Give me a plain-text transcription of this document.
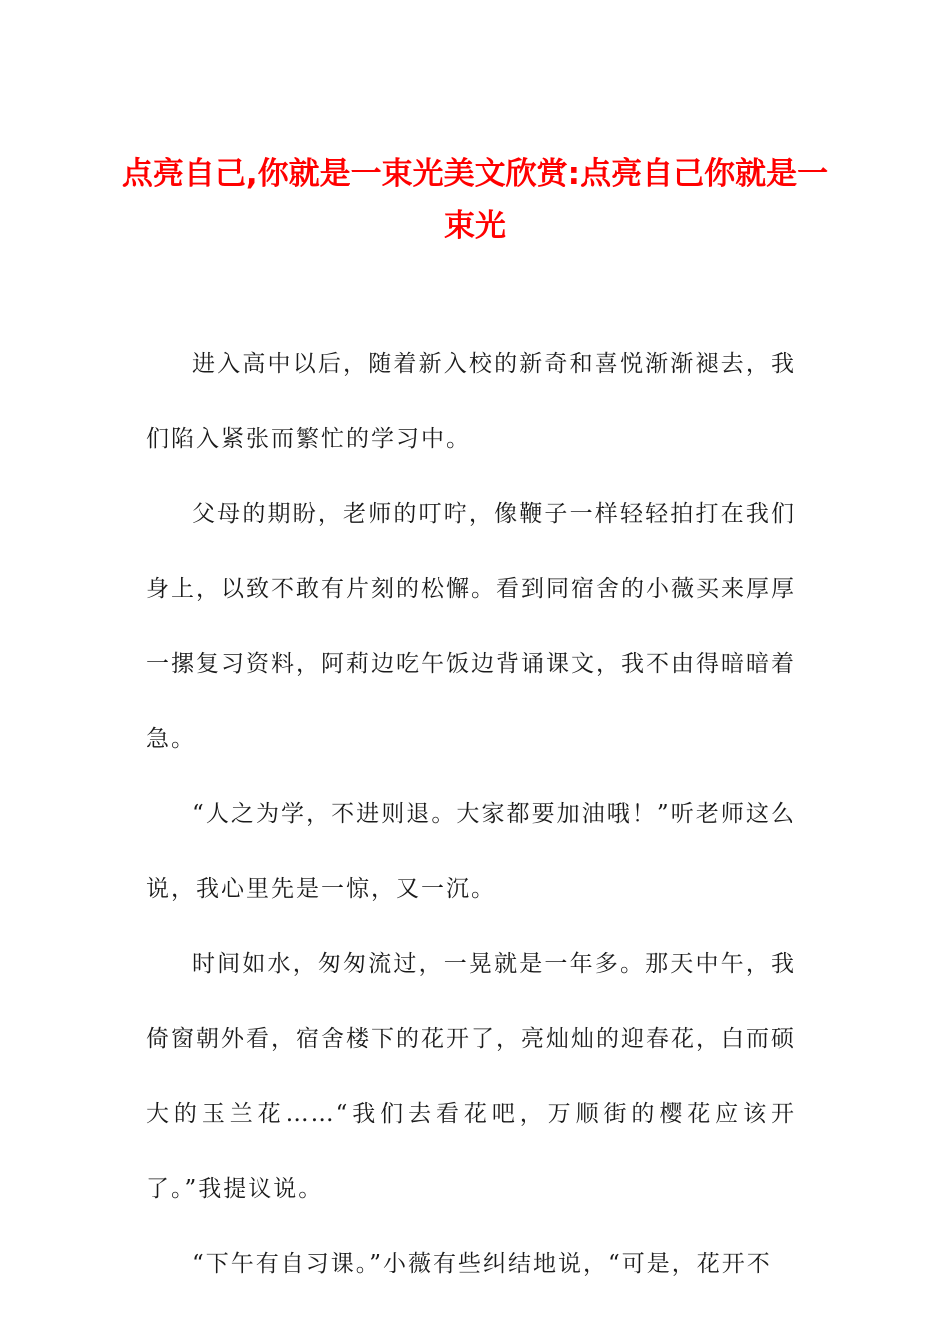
点亮自己,你就是一束光美文欣赏:点亮自己你就是一束光

进入高中以后，随着新入校的新奇和喜悦渐渐褪去，我们陷入紧张而繁忙的学习中。

父母的期盼，老师的叮咛，像鞭子一样轻轻拍打在我们身上，以致不敢有片刻的松懈。看到同宿舍的小薇买来厚厚一摞复习资料，阿莉边吃午饭边背诵课文，我不由得暗暗着急。

“人之为学，不进则退。大家都要加油哦！”听老师这么说，我心里先是一惊，又一沉。

时间如水，匆匆流过，一晃就是一年多。那天中午，我倚窗朝外看，宿舍楼下的花开了，亮灿灿的迎春花，白而硕大的玉兰花……“我们去看花吧，万顺街的樱花应该开了。”我提议说。

“下午有自习课。”小薇有些纠结地说，“可是，花开不
